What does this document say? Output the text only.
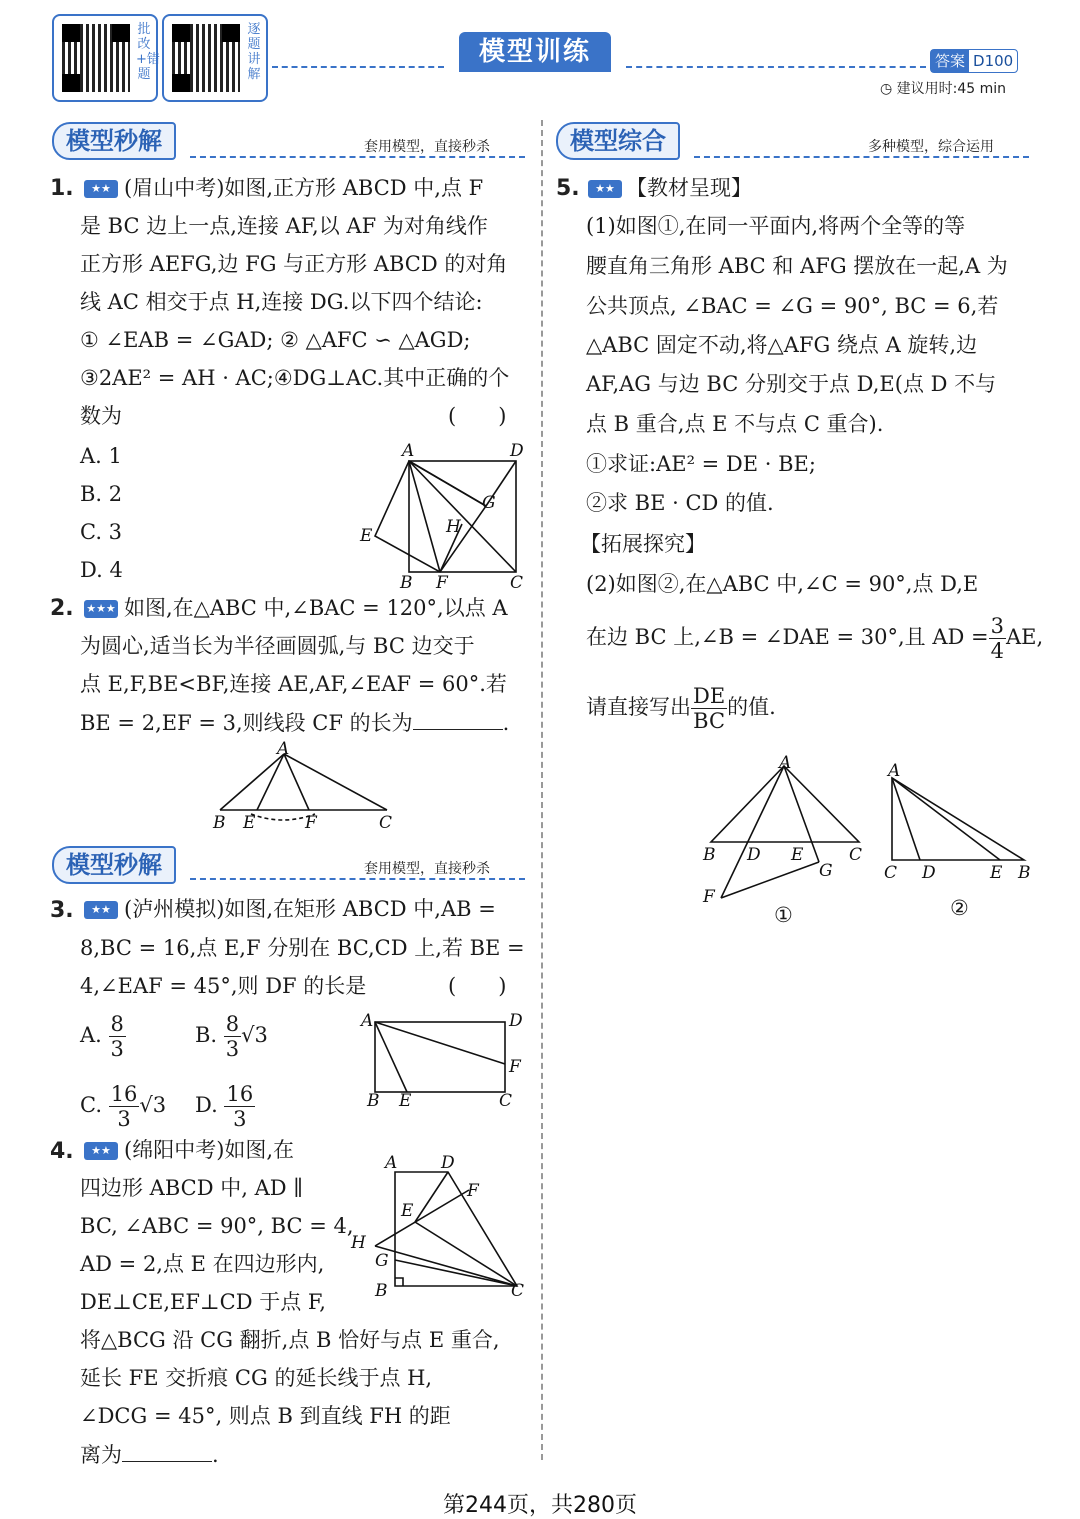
批改+错题
逐题讲解
模型训练	答案 D100
◷ 建议用时:45 min
模型秒解	套用模型，直接秒杀
1.	★★ (眉山中考)如图,正方形 ABCD 中,点 F
是 BC 边上一点,连接 AF,以 AF 为对角线作
正方形 AEFG,边 FG 与正方形 ABCD 的对角
线 AC 相交于点 H,连接 DG.以下四个结论:
① ∠EAB = ∠GAD; ② △AFC ∽ △AGD;
③2AE² = AH · AC;④DG⊥AC.其中正确的个
数为	(　　)
A. 1
B. 2
C. 3
D. 4
A	D
G
H
E
B F	C
2. ★★★ 如图,在△ABC 中,∠BAC = 120°,以点 A
为圆心,适当长为半径画圆弧,与 BC 边交于
点 E,F,BE<BF,连接 AE,AF,∠EAF = 60°.若
BE = 2,EF = 3,则线段 CF 的长为	.
A
B E	F	C
模型秒解	套用模型，直接秒杀
3.	★★ (泸州模拟)如图,在矩形 ABCD 中,AB =
8,BC = 16,点 E,F 分别在 BC,CD 上,若 BE =
4,∠EAF = 45°,则 DF 的长是	(　　)
A. $\frac{8}{3}$	B. $\frac{8}{3} √3$
C. $\frac{16}{3} √3$ D. $\frac{16}{3}$
A	D
F
B E	C
4.	★★ (绵阳中考)如图,在
四边形 ABCD 中, AD ∥
BC, ∠ABC = 90°, BC = 4,
AD = 2,点 E 在四边形内,
DE⊥CE,EF⊥CD 于点 F,
将△BCG 沿 CG 翻折,点 B 恰好与点 E 重合,
延长 FE 交折痕 CG 的延长线于点 H,
∠DCG = 45°, 则点 B 到直线 FH 的距
离为	.
A	D
F
E
H
G
B	C
模型综合	多种模型，综合运用
5.	★★ 【教材呈现】
(1)如图①,在同一平面内,将两个全等的等
腰直角三角形 ABC 和 AFG 摆放在一起,A 为
公共顶点, ∠BAC = ∠G = 90°, BC = 6,若
△ABC 固定不动,将△AFG 绕点 A 旋转,边
AF,AG 与边 BC 分别交于点 D,E(点 D 不与
点 B 重合,点 E 不与点 C 重合).
①求证:AE² = DE · BE;
②求 BE · CD 的值.
【拓展探究】
(2)如图②,在△ABC 中,∠C = 90°,点 D,E
在边 BC 上,∠B = ∠DAE = 30°,且 AD = $\frac{3}{4}$ AE,
请直接写出 $\frac{DE}{BC}$ 的值.
A
B D E
G
C
F
①
A
C D	E B
②
第244页，共280页
